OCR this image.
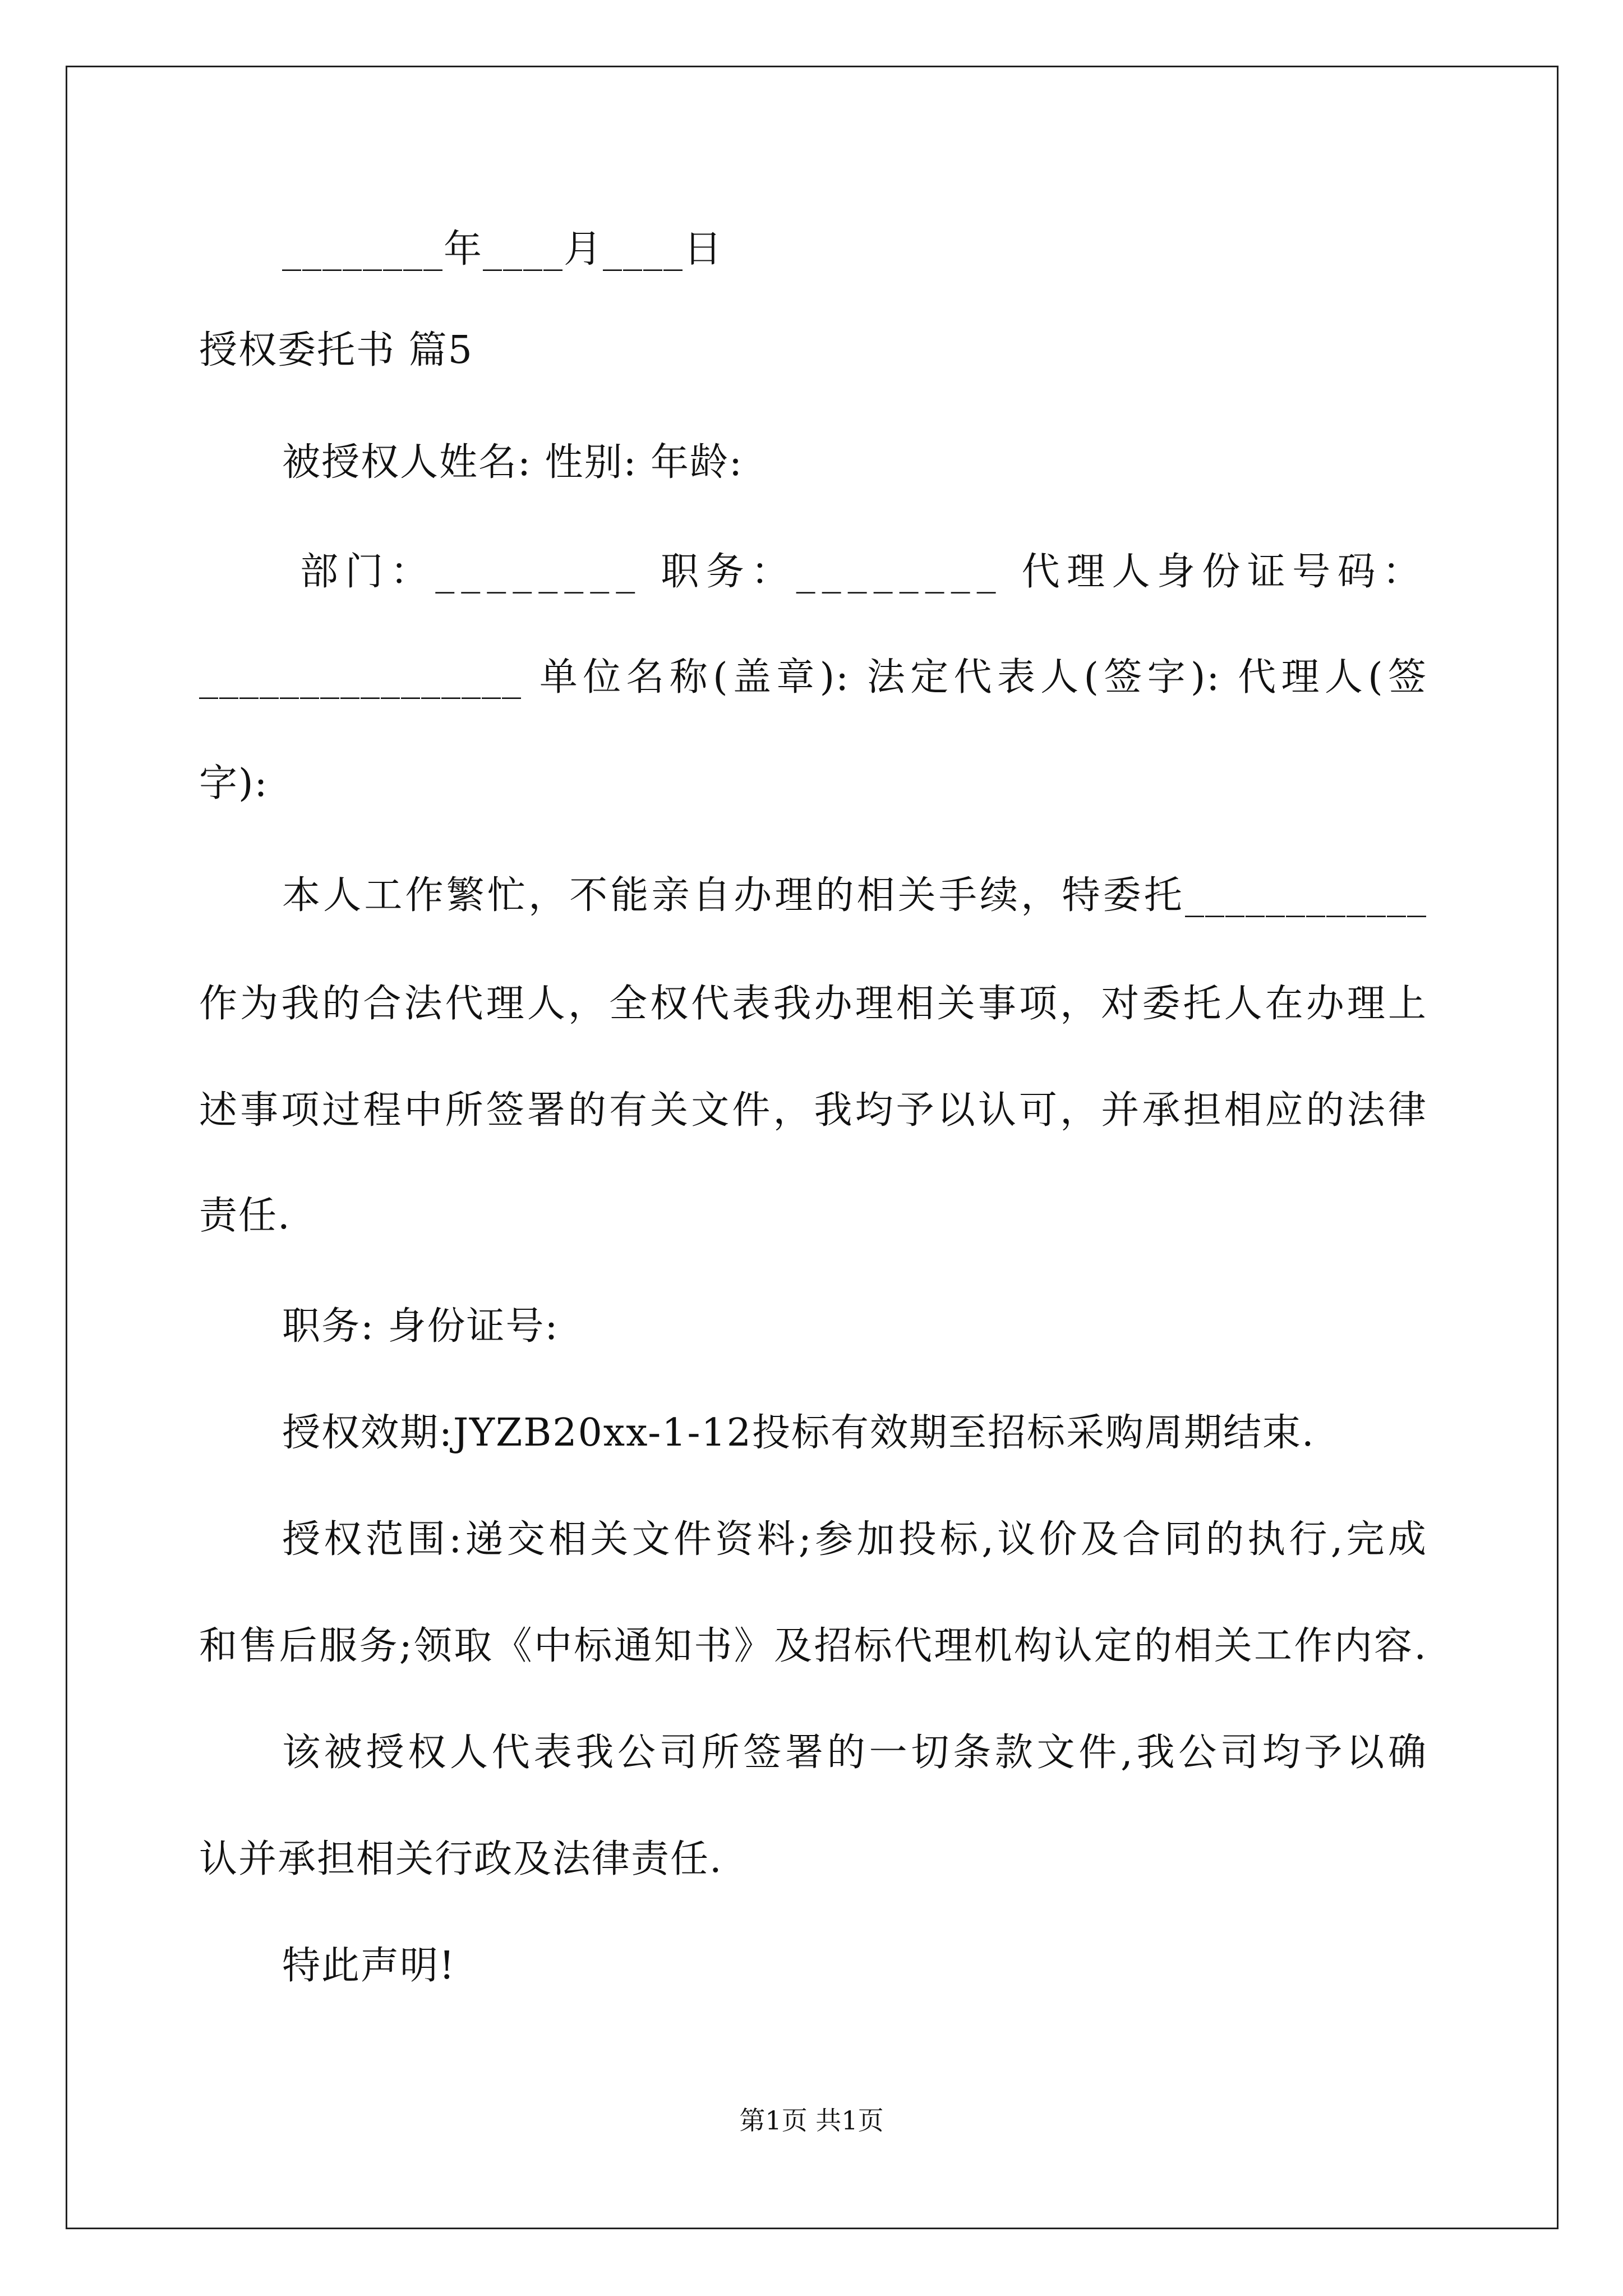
________年____月____日
授权委托书 篇5
被授权人姓名: 性别: 年龄:
部门：________ 职务：________ 代理人身份证号码：
________________ 单位名称(盖章): 法定代表人(签字): 代理人(签
字):
本人工作繁忙，不能亲自办理的相关手续，特委托____________
作为我的合法代理人，全权代表我办理相关事项，对委托人在办理上
述事项过程中所签署的有关文件，我均予以认可，并承担相应的法律
责任.
职务: 身份证号:
授权效期:JYZB20xx-1-12投标有效期至招标采购周期结束.
授权范围:递交相关文件资料;参加投标,议价及合同的执行,完成
和售后服务;领取《中标通知书》及招标代理机构认定的相关工作内容.
该被授权人代表我公司所签署的一切条款文件,我公司均予以确
认并承担相关行政及法律责任.
特此声明!
第1页 共1页
